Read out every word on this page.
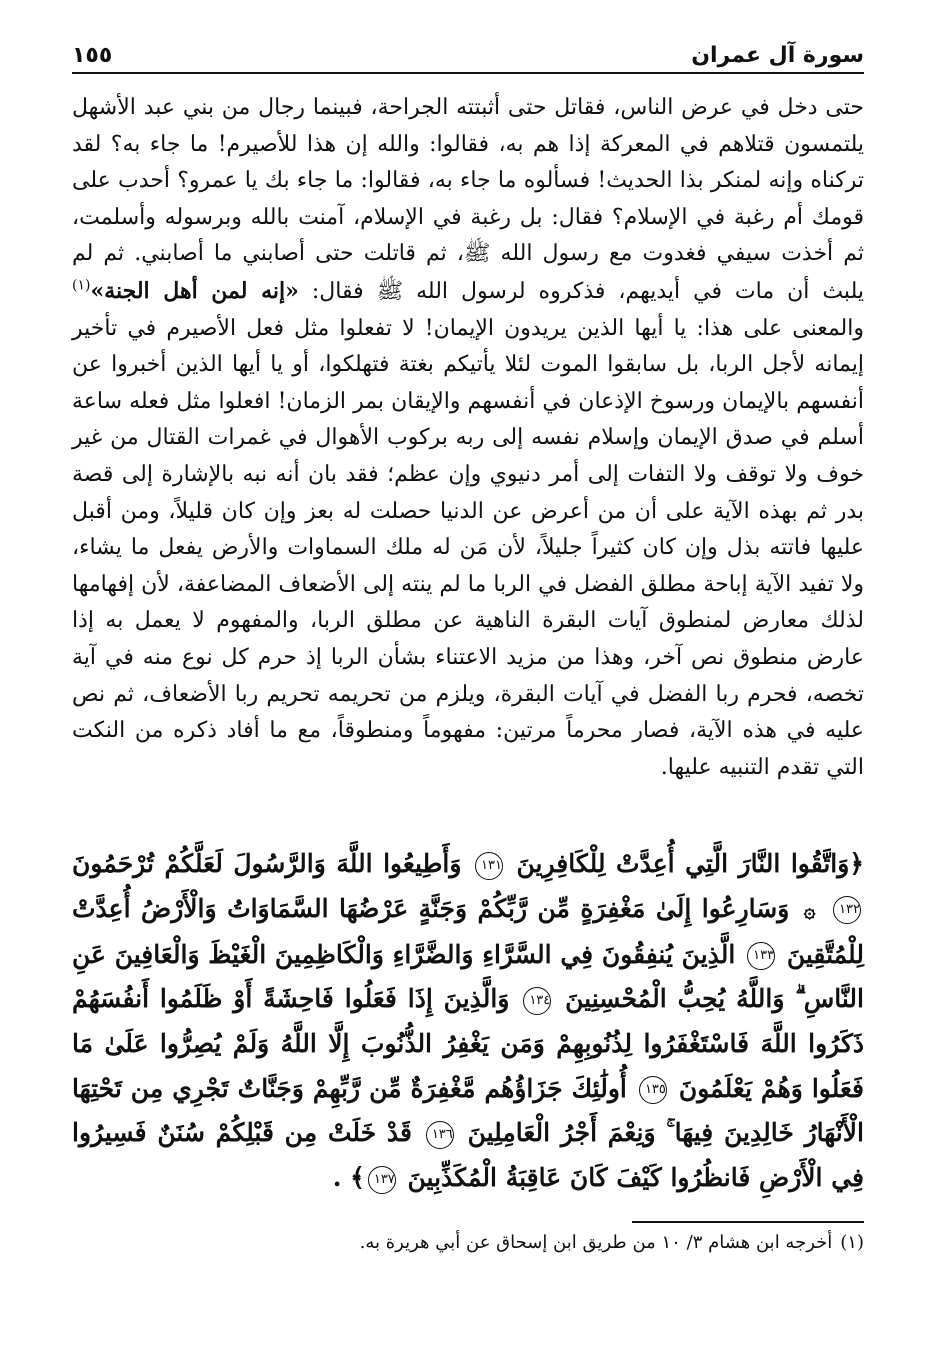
سورة آل عمران
١٥٥

حتى دخل في عرض الناس، فقاتل حتى أثبتته الجراحة، فبينما رجال من بني عبد الأشهل يلتمسون قتلاهم في المعركة إذا هم به، فقالوا: والله إن هذا للأصيرم! ما جاء به؟ لقد تركناه وإنه لمنكر بذا الحديث! فسألوه ما جاء به، فقالوا: ما جاء بك يا عمرو؟ أحدب على قومك أم رغبة في الإسلام؟ فقال: بل رغبة في الإسلام، آمنت بالله وبرسوله وأسلمت، ثم أخذت سيفي فغدوت مع رسول الله ﷺ، ثم قاتلت حتى أصابني ما أصابني. ثم لم يلبث أن مات في أيديهم، فذكروه لرسول الله ﷺ فقال: «إنه لمن أهل الجنة»$^{(١)}$ والمعنى على هذا: يا أيها الذين يريدون الإيمان! لا تفعلوا مثل فعل الأصيرم في تأخير إيمانه لأجل الربا، بل سابقوا الموت لئلا يأتيكم بغتة فتهلكوا، أو يا أيها الذين أخبروا عن أنفسهم بالإيمان ورسوخ الإذعان في أنفسهم والإيقان بمر الزمان! افعلوا مثل فعله ساعة أسلم في صدق الإيمان وإسلام نفسه إلى ربه بركوب الأهوال في غمرات القتال من غير خوف ولا توقف ولا التفات إلى أمر دنيوي وإن عظم؛ فقد بان أنه نبه بالإشارة إلى قصة بدر ثم بهذه الآية على أن من أعرض عن الدنيا حصلت له بعز وإن كان قليلاً، ومن أقبل عليها فاتته بذل وإن كان كثيراً جليلاً، لأن مَن له ملك السماوات والأرض يفعل ما يشاء، ولا تفيد الآية إباحة مطلق الفضل في الربا ما لم ينته إلى الأضعاف المضاعفة، لأن إفهامها لذلك معارض لمنطوق آيات البقرة الناهية عن مطلق الربا، والمفهوم لا يعمل به إذا عارض منطوق نص آخر، وهذا من مزيد الاعتناء بشأن الربا إذ حرم كل نوع منه في آية تخصه، فحرم ربا الفضل في آيات البقرة، ويلزم من تحريمه تحريم ربا الأضعاف، ثم نص عليه في هذه الآية، فصار محرماً مرتين: مفهوماً ومنطوقاً، مع ما أفاد ذكره من النكت التي تقدم التنبيه عليها.

﴿وَاتَّقُوا النَّارَ الَّتِي أُعِدَّتْ لِلْكَافِرِينَ ١٣١ وَأَطِيعُوا اللَّهَ وَالرَّسُولَ لَعَلَّكُمْ تُرْحَمُونَ ١٣٢ ۞ وَسَارِعُوا إِلَىٰ مَغْفِرَةٍ مِّن رَّبِّكُمْ وَجَنَّةٍ عَرْضُهَا السَّمَاوَاتُ وَالْأَرْضُ أُعِدَّتْ لِلْمُتَّقِينَ ١٣٣ الَّذِينَ يُنفِقُونَ فِي السَّرَّاءِ وَالضَّرَّاءِ وَالْكَاظِمِينَ الْغَيْظَ وَالْعَافِينَ عَنِ النَّاسِ ۗ وَاللَّهُ يُحِبُّ الْمُحْسِنِينَ ١٣٤ وَالَّذِينَ إِذَا فَعَلُوا فَاحِشَةً أَوْ ظَلَمُوا أَنفُسَهُمْ ذَكَرُوا اللَّهَ فَاسْتَغْفَرُوا لِذُنُوبِهِمْ وَمَن يَغْفِرُ الذُّنُوبَ إِلَّا اللَّهُ وَلَمْ يُصِرُّوا عَلَىٰ مَا فَعَلُوا وَهُمْ يَعْلَمُونَ ١٣٥ أُولَٰئِكَ جَزَاؤُهُم مَّغْفِرَةٌ مِّن رَّبِّهِمْ وَجَنَّاتٌ تَجْرِي مِن تَحْتِهَا الْأَنْهَارُ خَالِدِينَ فِيهَا ۚ وَنِعْمَ أَجْرُ الْعَامِلِينَ ١٣٦ قَدْ خَلَتْ مِن قَبْلِكُمْ سُنَنٌ فَسِيرُوا فِي الْأَرْضِ فَانظُرُوا كَيْفَ كَانَ عَاقِبَةُ الْمُكَذِّبِينَ ١٣٧﴾ .
(١)أخرجه ابن هشام ٣/ ١٠ من طريق ابن إسحاق عن أبي هريرة به.
